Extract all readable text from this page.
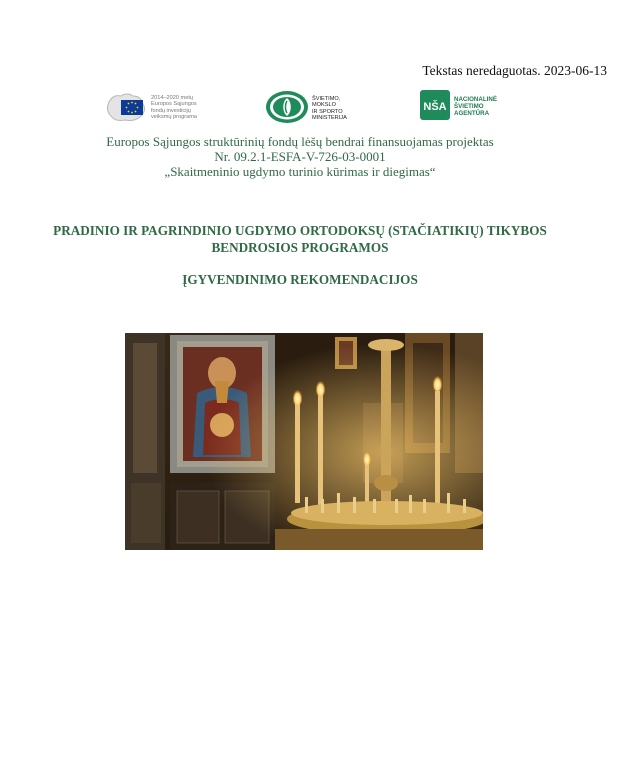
Tekstas neredaguotas. 2023-06-13
2014–2020 metų
Europos Sąjungos
fondų investicijų
veiksmų programa
ŠVIETIMO,
MOKSLO
IR SPORTO
MINISTERIJA
NŠA
NACIONALINĖ
ŠVIETIMO
AGENTŪRA
Europos Sąjungos struktūrinių fondų lėšų bendrai finansuojamas projektas
Nr. 09.2.1-ESFA-V-726-03-0001
„Skaitmeninio ugdymo turinio kūrimas ir diegimas“
PRADINIO IR PAGRINDINIO UGDYMO ORTODOKSŲ (STAČIATIKIŲ) TIKYBOS
BENDROSIOS PROGRAMOS
ĮGYVENDINIMO REKOMENDACIJOS
